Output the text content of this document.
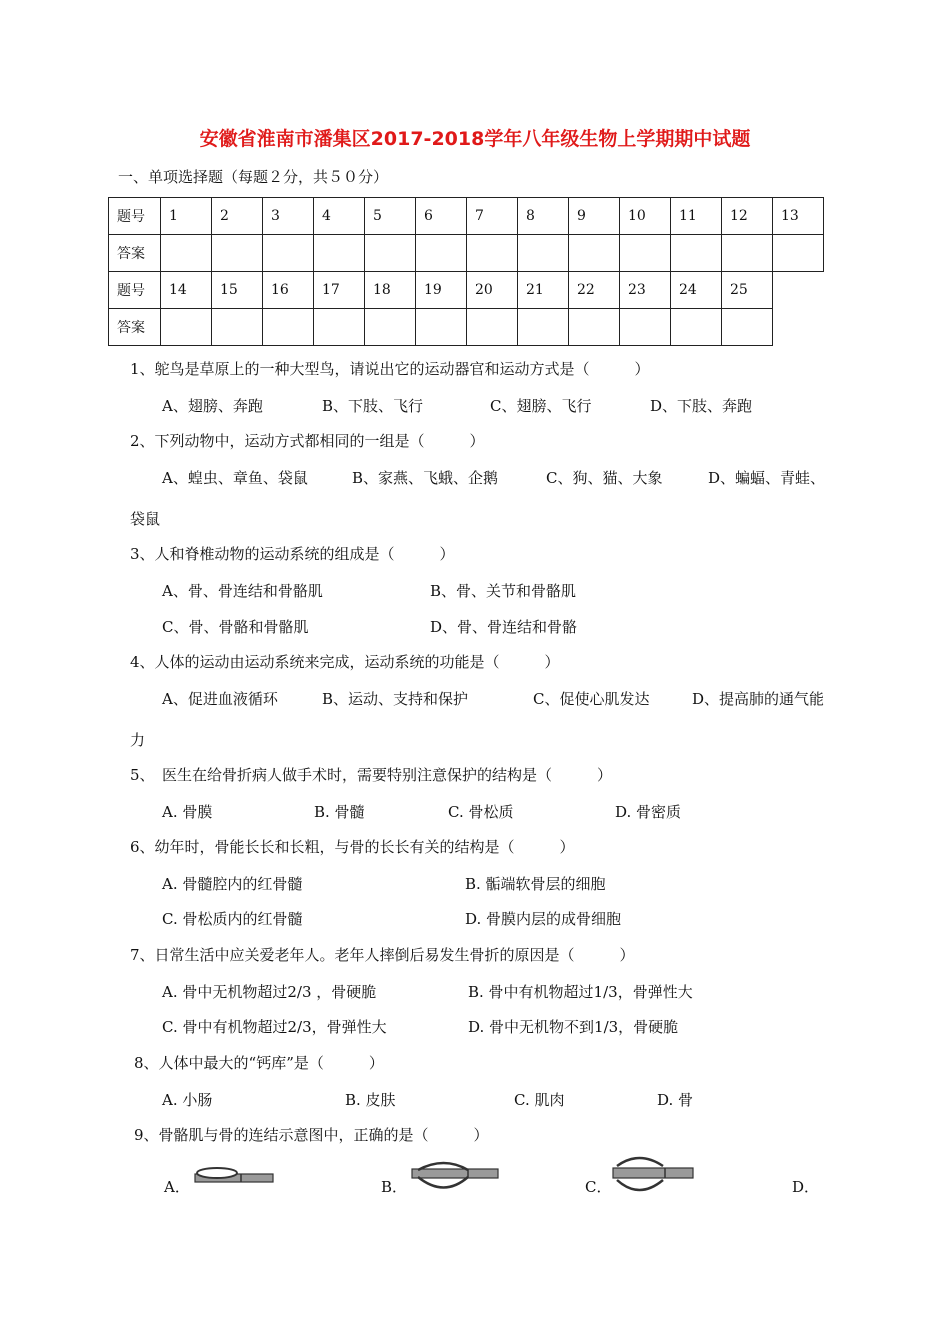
安徽省淮南市潘集区2017-2018学年八年级生物上学期期中试题
一、单项选择题（每题２分，共５０分）
题号	1	2	3	4	5	6	7	8	9	10	11	12	13
答案													
题号	14	15	16	17	18	19	20	21	22	23	24	25	
答案													
1、鸵鸟是草原上的一种大型鸟，请说出它的运动器官和运动方式是（　　　）
A、翅膀、奔跑	B、下肢、飞行	C、翅膀、飞行	D、下肢、奔跑
2、下列动物中，运动方式都相同的一组是（　　　）
A、蝗虫、章鱼、袋鼠	B、家燕、飞蛾、企鹅	C、狗、猫、大象	D、蝙蝠、青蛙、
袋鼠
3、人和脊椎动物的运动系统的组成是（　　　）
A、骨、骨连结和骨骼肌	B、骨、关节和骨骼肌
C、骨、骨骼和骨骼肌	D、骨、骨连结和骨骼
4、人体的运动由运动系统来完成，运动系统的功能是（　　　）
A、促进血液循环	B、运动、支持和保护	C、促使心肌发达	D、提高肺的通气能
力
5、　医生在给骨折病人做手术时，需要特别注意保护的结构是（　　　）
A. 骨膜	B. 骨髓	C. 骨松质	D. 骨密质
6、幼年时，骨能长长和长粗，与骨的长长有关的结构是（　　　）
A. 骨髓腔内的红骨髓	B. 骺端软骨层的细胞
C. 骨松质内的红骨髓	D. 骨膜内层的成骨细胞
7、日常生活中应关爱老年人。老年人摔倒后易发生骨折的原因是（　　　）
A. 骨中无机物超过2/3 ，骨硬脆	B. 骨中有机物超过1/3，骨弹性大
C. 骨中有机物超过2/3，骨弹性大	D. 骨中无机物不到1/3，骨硬脆
8、人体中最大的“钙库”是（　　　）
A. 小肠	B. 皮肤	C. 肌肉	D. 骨
9、骨骼肌与骨的连结示意图中，正确的是（　　　）
A．	B．	C．	D．
